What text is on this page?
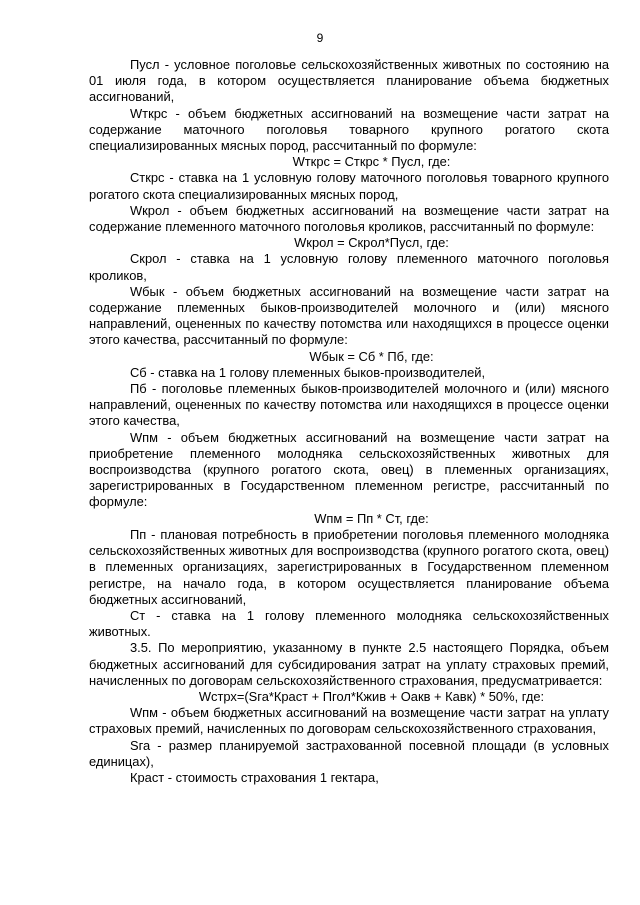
9

Пусл - условное поголовье сельскохозяйственных животных по состоянию на 01 июля года, в котором осуществляется планирование объема бюджетных ассигнований,

Wткрс - объем бюджетных ассигнований на возмещение части затрат на содержание маточного поголовья товарного крупного рогатого скота специализированных мясных пород, рассчитанный по формуле:

Wткрс = Сткрс * Пусл, где:

Сткрс - ставка на 1 условную голову маточного поголовья товарного крупного рогатого скота специализированных мясных пород,

Wкрол - объем бюджетных ассигнований на возмещение части затрат на содержание племенного маточного поголовья кроликов, рассчитанный по формуле:

Wкрол = Скрол*Пусл, где:

Скрол - ставка на 1 условную голову племенного маточного поголовья кроликов,

Wбык - объем бюджетных ассигнований на возмещение части затрат на содержание племенных быков-производителей молочного и (или) мясного направлений, оцененных по качеству потомства или находящихся в процессе оценки этого качества, рассчитанный по формуле:

Wбык = Сб * Пб, где:

Сб - ставка на 1 голову племенных быков-производителей,

Пб - поголовье племенных быков-производителей молочного и (или) мясного направлений, оцененных по качеству потомства или находящихся в процессе оценки этого качества,

Wпм - объем бюджетных ассигнований на возмещение части затрат на приобретение племенного молодняка сельскохозяйственных животных для воспроизводства (крупного рогатого скота, овец) в племенных организациях, зарегистрированных в Государственном племенном регистре, рассчитанный по формуле:

Wпм = Пп * Ст, где:

Пп - плановая потребность в приобретении поголовья племенного молодняка сельскохозяйственных животных для воспроизводства (крупного рогатого скота, овец) в племенных организациях, зарегистрированных в Государственном племенном регистре, на начало года, в котором осуществляется планирование объема бюджетных ассигнований,

Ст - ставка на 1 голову племенного молодняка сельскохозяйственных животных.

3.5. По мероприятию, указанному в пункте 2.5 настоящего Порядка, объем бюджетных ассигнований для субсидирования затрат на уплату страховых премий, начисленных по договорам сельскохозяйственного страхования, предусматривается:

Wстрх=(Sга*Краст + Пгол*Кжив + Оакв + Кавк) * 50%, где:

Wпм - объем бюджетных ассигнований на возмещение части затрат на уплату страховых премий, начисленных по договорам сельскохозяйственного страхования,

Sга - размер планируемой застрахованной посевной площади (в условных единицах),

Краст - стоимость страхования 1 гектара,
